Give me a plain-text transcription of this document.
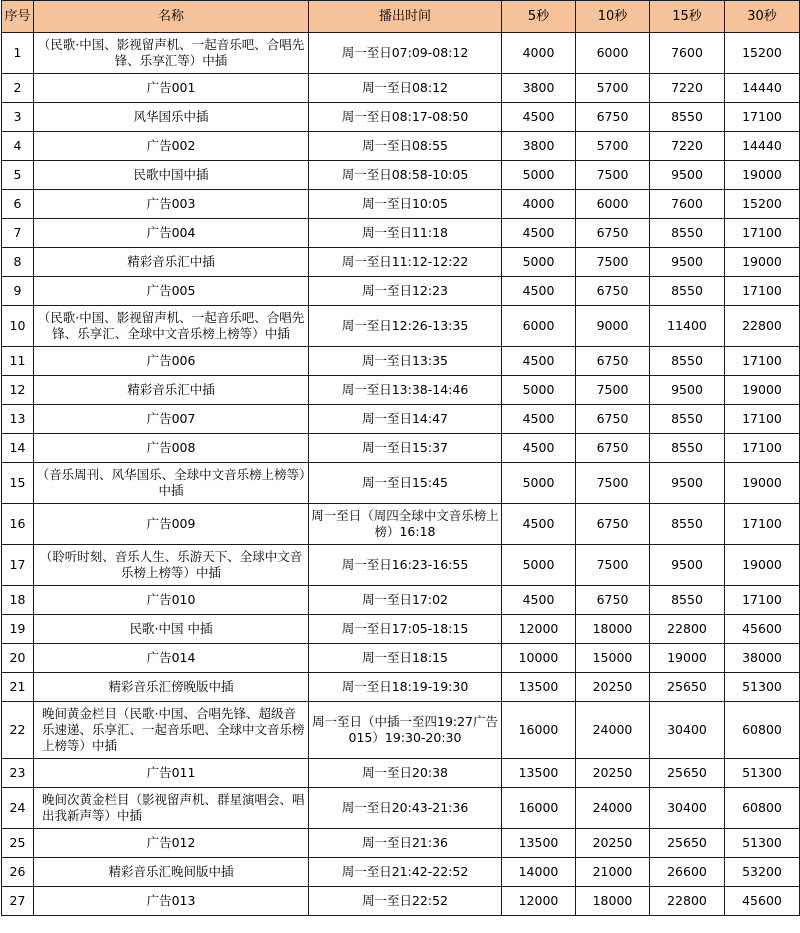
序号	名称	播出时间	5秒	10秒	15秒	30秒
1	（民歌·中国、影视留声机、一起音乐吧、合唱先锋、乐享汇等）中插	周一至日07:09-08:12	4000	6000	7600	15200
2	广告001	周一至日08:12	3800	5700	7220	14440
3	风华国乐中插	周一至日08:17-08:50	4500	6750	8550	17100
4	广告002	周一至日08:55	3800	5700	7220	14440
5	民歌中国中插	周一至日08:58-10:05	5000	7500	9500	19000
6	广告003	周一至日10:05	4000	6000	7600	15200
7	广告004	周一至日11:18	4500	6750	8550	17100
8	精彩音乐汇中插	周一至日11:12-12:22	5000	7500	9500	19000
9	广告005	周一至日12:23	4500	6750	8550	17100
10	（民歌·中国、影视留声机、一起音乐吧、合唱先锋、乐享汇、全球中文音乐榜上榜等）中插	周一至日12:26-13:35	6000	9000	11400	22800
11	广告006	周一至日13:35	4500	6750	8550	17100
12	精彩音乐汇中插	周一至日13:38-14:46	5000	7500	9500	19000
13	广告007	周一至日14:47	4500	6750	8550	17100
14	广告008	周一至日15:37	4500	6750	8550	17100
15	（音乐周刊、风华国乐、全球中文音乐榜上榜等）中插	周一至日15:45	5000	7500	9500	19000
16	广告009	周一至日（周四全球中文音乐榜上榜）16:18	4500	6750	8550	17100
17	（聆听时刻、音乐人生、乐游天下、全球中文音乐榜上榜等）中插	周一至日16:23-16:55	5000	7500	9500	19000
18	广告010	周一至日17:02	4500	6750	8550	17100
19	民歌·中国 中插	周一至日17:05-18:15	12000	18000	22800	45600
20	广告014	周一至日18:15	10000	15000	19000	38000
21	精彩音乐汇傍晚版中插	周一至日18:19-19:30	13500	20250	25650	51300
22	晚间黄金栏目（民歌·中国、合唱先锋、超级音乐速递、乐享汇、一起音乐吧、全球中文音乐榜上榜等）中插	周一至日（中插一至四19:27广告015）19:30-20:30	16000	24000	30400	60800
23	广告011	周一至日20:38	13500	20250	25650	51300
24	晚间次黄金栏目（影视留声机、群星演唱会、唱出我新声等）中插	周一至日20:43-21:36	16000	24000	30400	60800
25	广告012	周一至日21:36	13500	20250	25650	51300
26	精彩音乐汇晚间版中插	周一至日21:42-22:52	14000	21000	26600	53200
27	广告013	周一至日22:52	12000	18000	22800	45600
